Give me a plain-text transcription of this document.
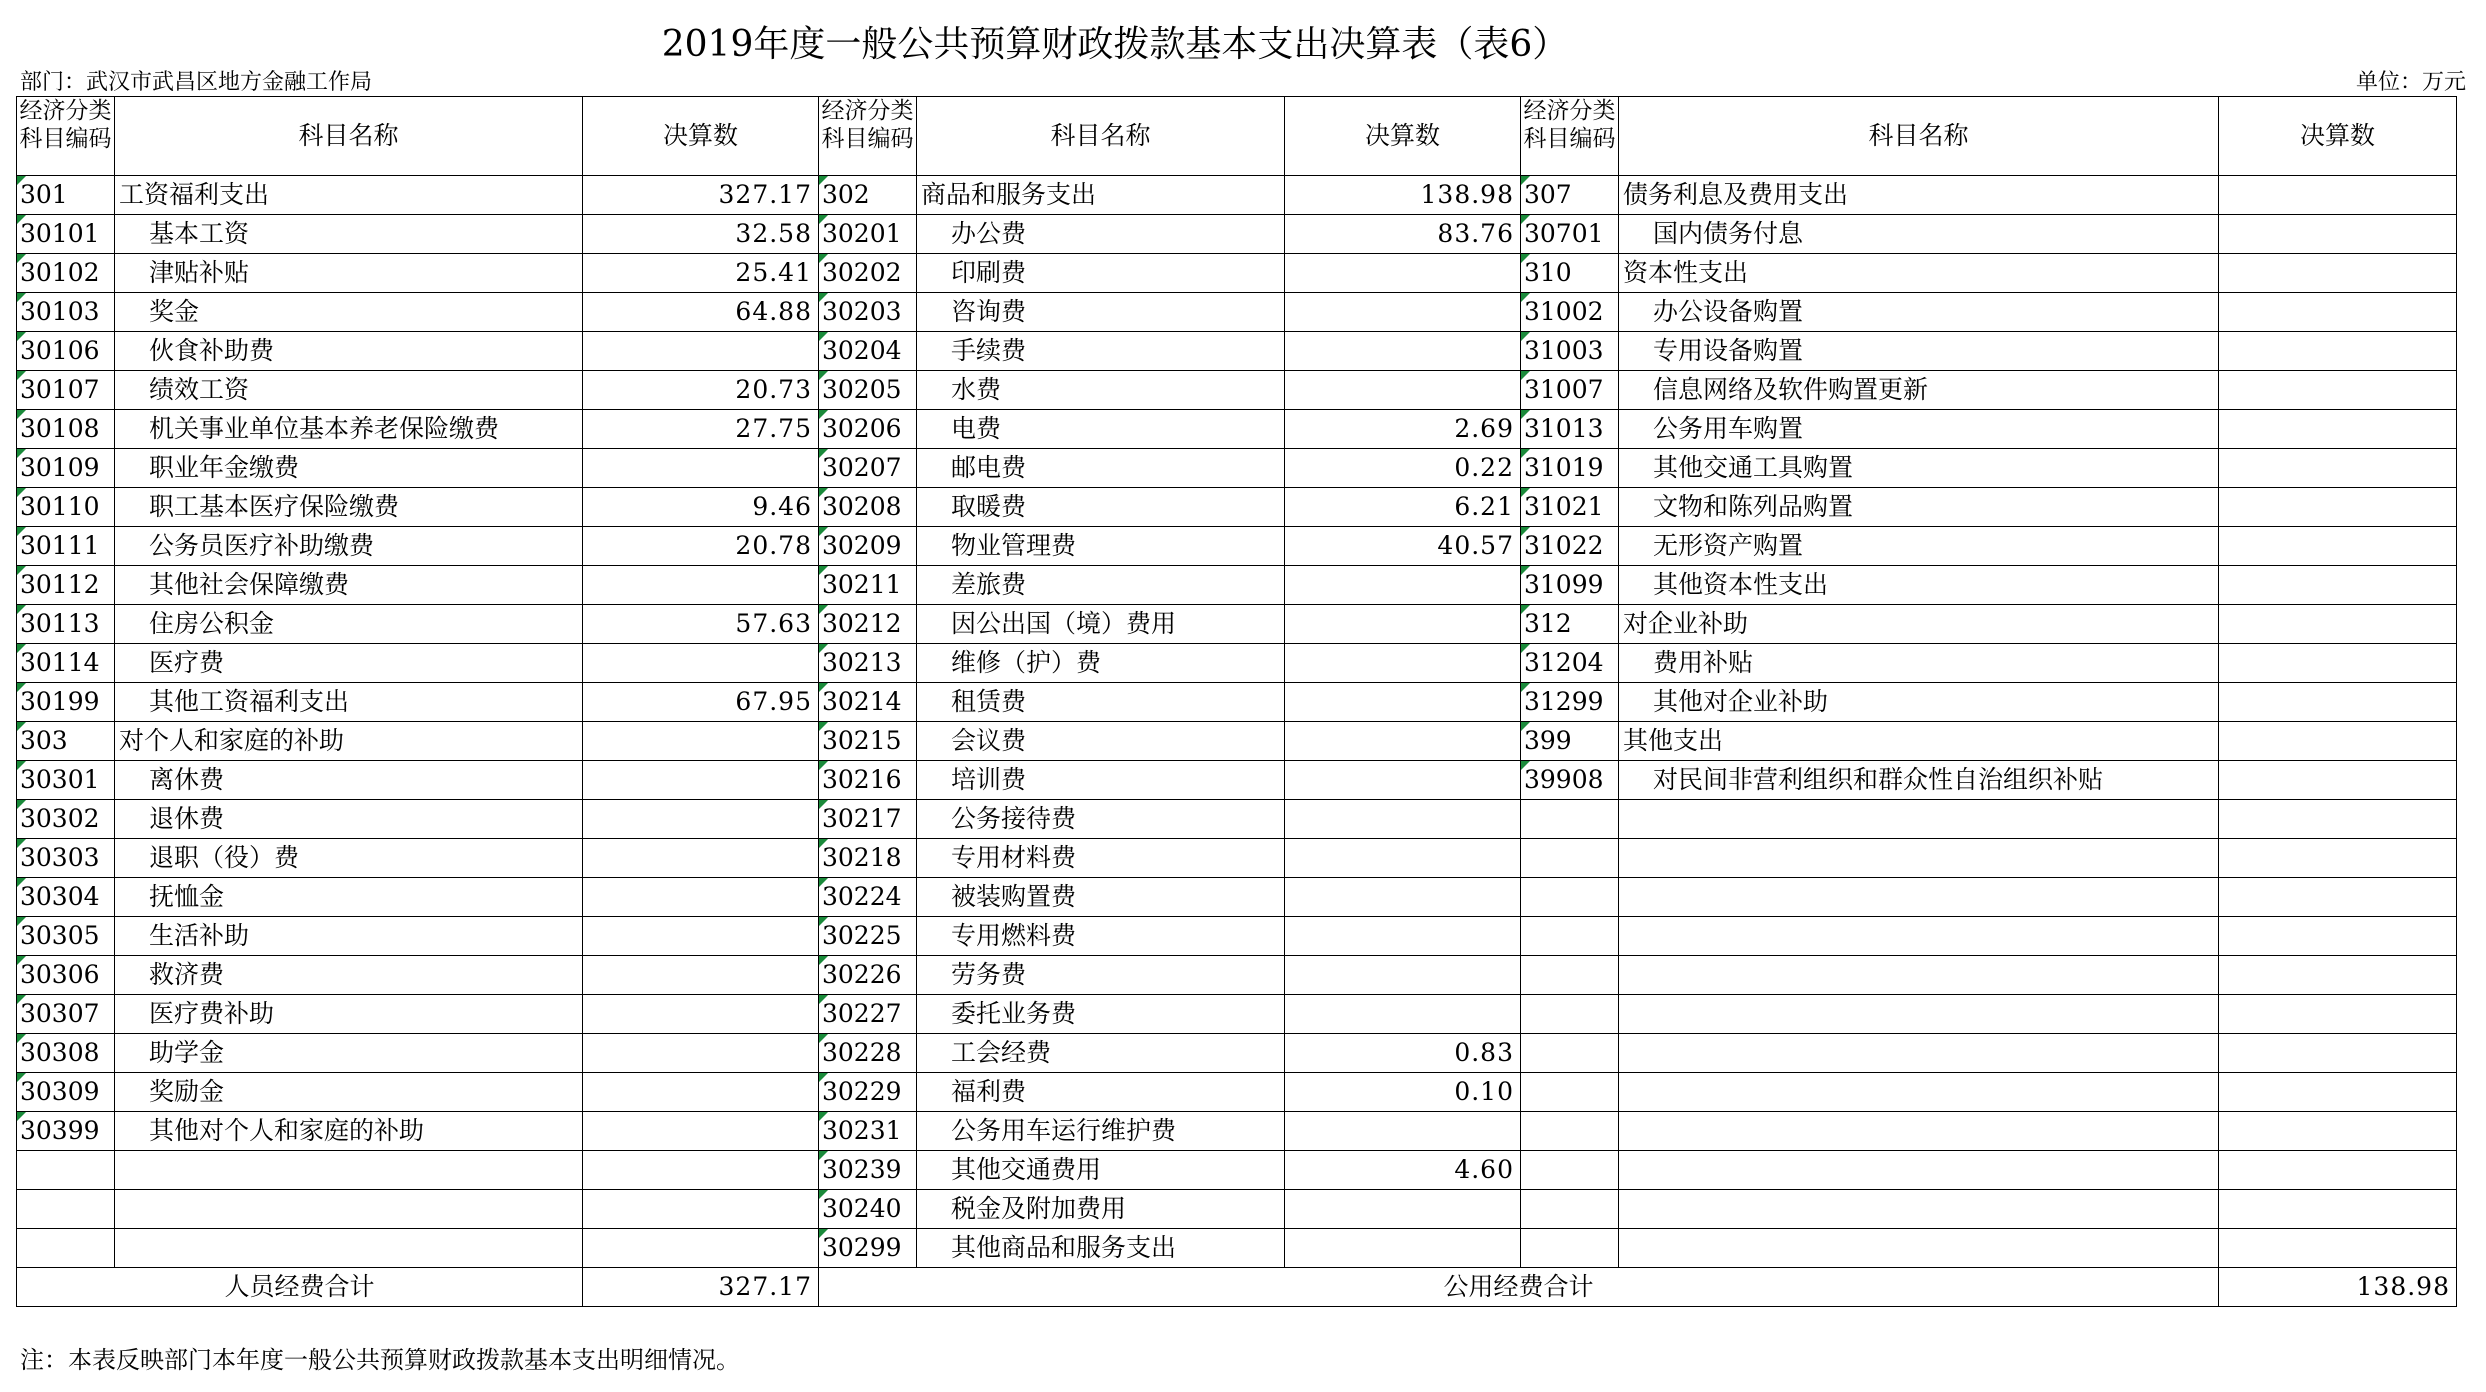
2019年度一般公共预算财政拨款基本支出决算表（表6）
部门：武汉市武昌区地方金融工作局	单位：万元
经济分类科目编码	科目名称	决算数	经济分类科目编码	科目名称	决算数	经济分类科目编码	科目名称	决算数
301	工资福利支出	327.17	302	商品和服务支出	138.98	307	债务利息及费用支出	
30101	基本工资	32.58	30201	办公费	83.76	30701	国内债务付息	
30102	津贴补贴	25.41	30202	印刷费		310	资本性支出	
30103	奖金	64.88	30203	咨询费		31002	办公设备购置	
30106	伙食补助费		30204	手续费		31003	专用设备购置	
30107	绩效工资	20.73	30205	水费		31007	信息网络及软件购置更新	
30108	机关事业单位基本养老保险缴费	27.75	30206	电费	2.69	31013	公务用车购置	
30109	职业年金缴费		30207	邮电费	0.22	31019	其他交通工具购置	
30110	职工基本医疗保险缴费	9.46	30208	取暖费	6.21	31021	文物和陈列品购置	
30111	公务员医疗补助缴费	20.78	30209	物业管理费	40.57	31022	无形资产购置	
30112	其他社会保障缴费		30211	差旅费		31099	其他资本性支出	
30113	住房公积金	57.63	30212	因公出国（境）费用		312	对企业补助	
30114	医疗费		30213	维修（护）费		31204	费用补贴	
30199	其他工资福利支出	67.95	30214	租赁费		31299	其他对企业补助	
303	对个人和家庭的补助		30215	会议费		399	其他支出	
30301	离休费		30216	培训费		39908	对民间非营利组织和群众性自治组织补贴	
30302	退休费		30217	公务接待费				
30303	退职（役）费		30218	专用材料费				
30304	抚恤金		30224	被装购置费				
30305	生活补助		30225	专用燃料费				
30306	救济费		30226	劳务费				
30307	医疗费补助		30227	委托业务费				
30308	助学金		30228	工会经费	0.83			
30309	奖励金		30229	福利费	0.10			
30399	其他对个人和家庭的补助		30231	公务用车运行维护费				
			30239	其他交通费用	4.60			
			30240	税金及附加费用				
			30299	其他商品和服务支出				
人员经费合计		327.17	公用经费合计					138.98
注：本表反映部门本年度一般公共预算财政拨款基本支出明细情况。
